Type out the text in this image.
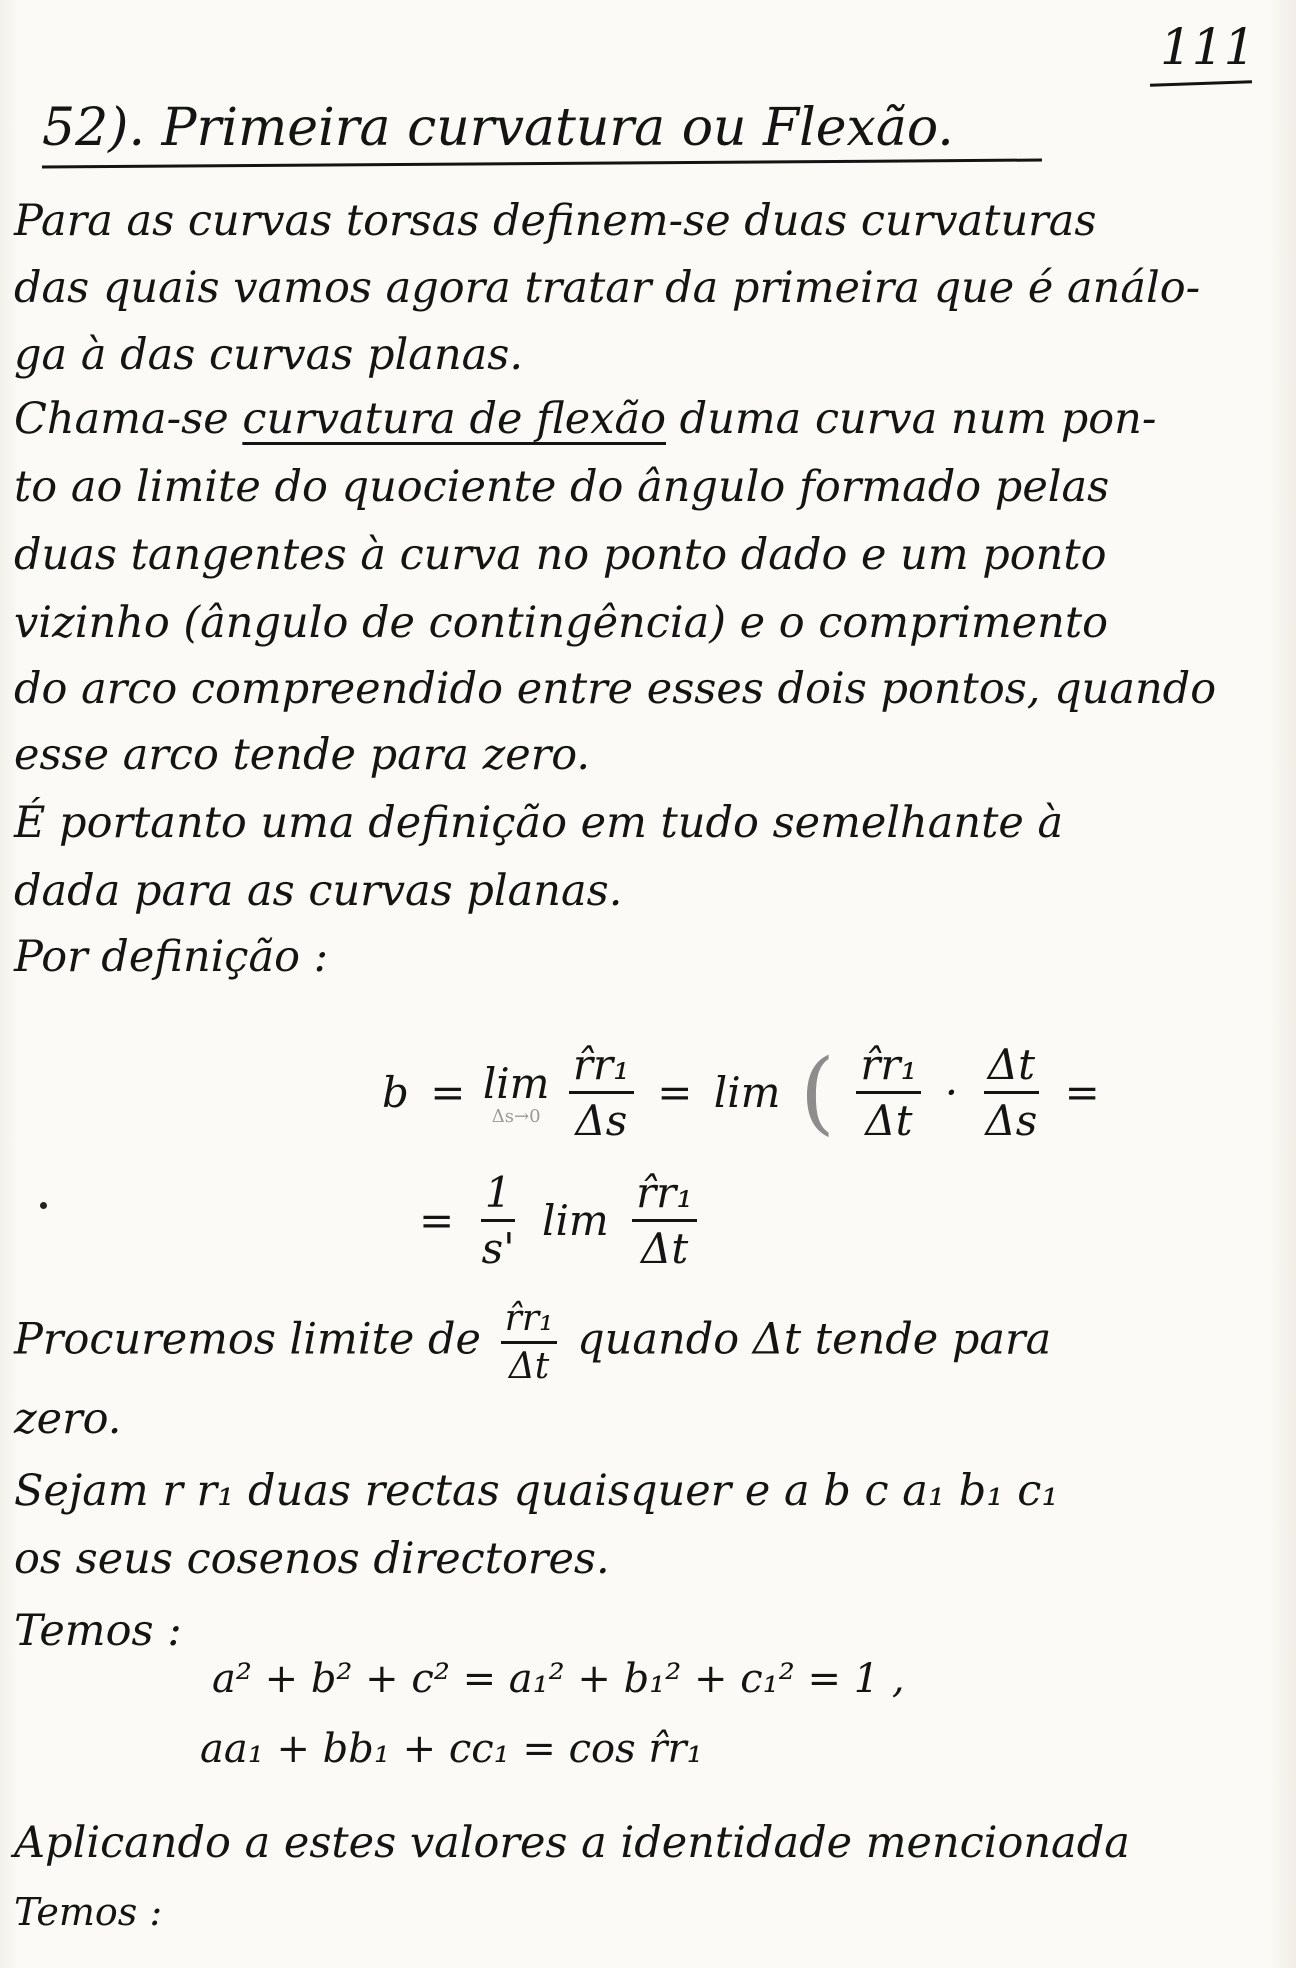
111
52). Primeira curvatura ou Flexão.
Para as curvas torsas definem-se duas curvaturas
das quais vamos agora tratar da primeira que é análo-
ga à das curvas planas.
Chama-se curvatura de flexão duma curva num pon-
to ao limite do quociente do ângulo formado pelas
duas tangentes à curva no ponto dado e um ponto
vizinho (ângulo de contingência) e o comprimento
do arco compreendido entre esses dois pontos, quando
esse arco tende para zero.
É portanto uma definição em tudo semelhante à
dada para as curvas planas.
Por definição :
b = lim
Δs→0
$\frac{\text{r̂r₁}}{\Delta s} = \lim$ ( $\frac{\text{r̂r₁}}{\Delta t} \cdot \frac{\Delta t}{\Delta s}$ =
= $\frac{1}{s'}$ $\lim \frac{\text{r̂r₁}}{\Delta t}$
Procuremos limite de $\frac{\text{r̂r₁}}{\Delta t}$ quando Δt tende para
zero.
Sejam r r₁ duas rectas quaisquer e a b c a₁ b₁ c₁
os seus cosenos directores.
Temos :
a² + b² + c² = a₁² + b₁² + c₁² = 1 ,
aa₁ + bb₁ + cc₁ = cos r̂r₁
Aplicando a estes valores a identidade mencionada
Temos :
